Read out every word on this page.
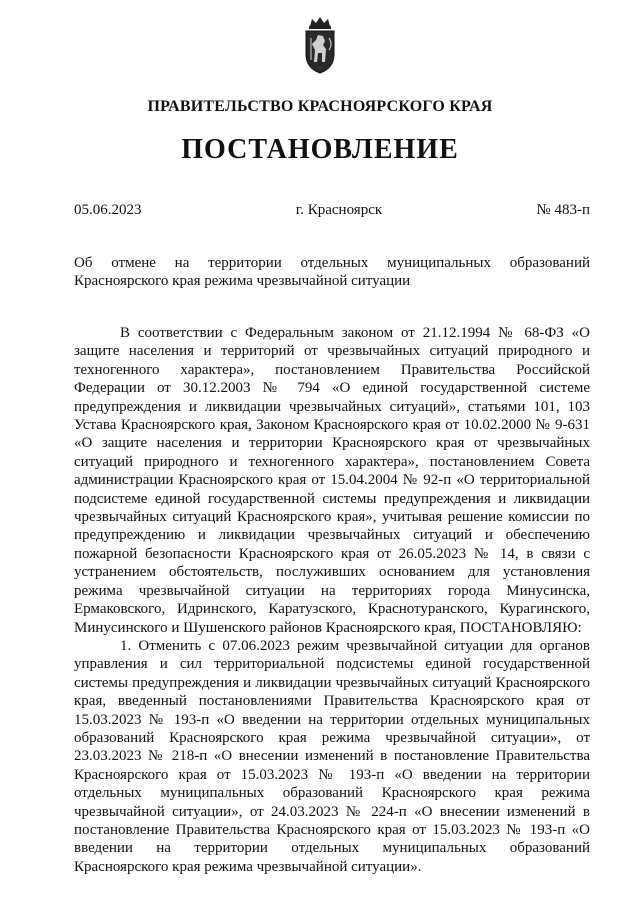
ПРАВИТЕЛЬСТВО КРАСНОЯРСКОГО КРАЯ
ПОСТАНОВЛЕНИЕ
05.06.2023	г. Красноярск	№ 483-п
Об отмене на территории отдельных муниципальных образований Красноярского края режима чрезвычайной ситуации

В соответствии с Федеральным законом от 21.12.1994 № 68-ФЗ «О защите населения и территорий от чрезвычайных ситуаций природного и техногенного характера», постановлением Правительства Российской Федерации от 30.12.2003 № 794 «О единой государственной системе предупреждения и ликвидации чрезвычайных ситуаций», статьями 101, 103 Устава Красноярского края, Законом Красноярского края от 10.02.2000 № 9-631 «О защите населения и территории Красноярского края от чрезвычайных ситуаций природного и техногенного характера», постановлением Совета администрации Красноярского края от 15.04.2004 № 92-п «О территориальной подсистеме единой государственной системы предупреждения и ликвидации чрезвычайных ситуаций Красноярского края», учитывая решение комиссии по предупреждению и ликвидации чрезвычайных ситуаций и обеспечению пожарной безопасности Красноярского края от 26.05.2023 № 14, в связи с устранением обстоятельств, послуживших основанием для установления режима чрезвычайной ситуации на территориях города Минусинска, Ермаковского, Идринского, Каратузского, Краснотуранского, Курагинского, Минусинского и Шушенского районов Красноярского края, ПОСТАНОВЛЯЮ:

1. Отменить с 07.06.2023 режим чрезвычайной ситуации для органов управления и сил территориальной подсистемы единой государственной системы предупреждения и ликвидации чрезвычайных ситуаций Красноярского края, введенный постановлениями Правительства Красноярского края от 15.03.2023 № 193-п «О введении на территории отдельных муниципальных образований Красноярского края режима чрезвычайной ситуации», от 23.03.2023 № 218-п «О внесении изменений в постановление Правительства Красноярского края от 15.03.2023 № 193-п «О введении на территории отдельных муниципальных образований Красноярского края режима чрезвычайной ситуации», от 24.03.2023 № 224-п «О внесении изменений в постановление Правительства Красноярского края от 15.03.2023 № 193-п «О введении на территории отдельных муниципальных образований Красноярского края режима чрезвычайной ситуации».
